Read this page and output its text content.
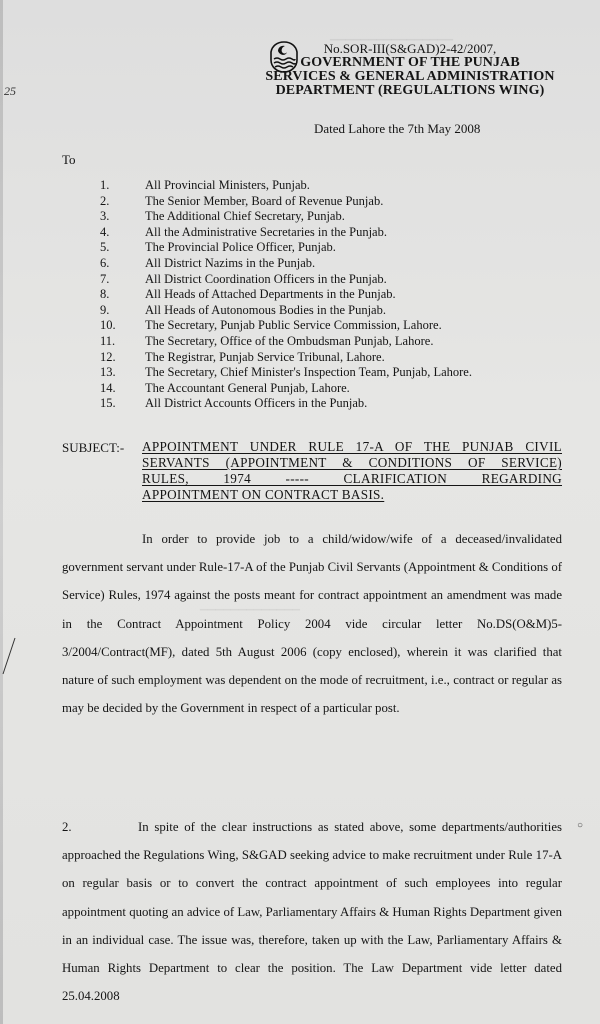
▁▁▁▁▁▁▁▁▁▁▁▁▁▁▁▁
▁▁▁▁▁▁▁▁▁▁▁▁▁
No.SOR-III(S&GAD)2-42/2007,
GOVERNMENT OF THE PUNJAB
SERVICES & GENERAL ADMINISTRATION
DEPARTMENT (REGULALTIONS WING)
25
Dated Lahore the 7th May 2008
To
1.	All Provincial Ministers, Punjab.
2.	The Senior Member, Board of Revenue Punjab.
3.	The Additional Chief Secretary, Punjab.
4.	All the Administrative Secretaries in the Punjab.
5.	The Provincial Police Officer, Punjab.
6.	All District Nazims in the Punjab.
7.	All District Coordination Officers in the Punjab.
8.	All Heads of Attached Departments in the Punjab.
9.	All Heads of Autonomous Bodies in the Punjab.
10.	The Secretary, Punjab Public Service Commission, Lahore.
11.	The Secretary, Office of the Ombudsman Punjab, Lahore.
12.	The Registrar, Punjab Service Tribunal, Lahore.
13.	The Secretary, Chief Minister's Inspection Team, Punjab, Lahore.
14.	The Accountant General Punjab, Lahore.
15.	All District Accounts Officers in the Punjab.
SUBJECT:- APPOINTMENT UNDER RULE 17-A OF THE PUNJAB CIVIL
SERVANTS (APPOINTMENT & CONDITIONS OF SERVICE)
RULES, 1974 ----- CLARIFICATION REGARDING
APPOINTMENT ON CONTRACT BASIS.
In order to provide job to a child/widow/wife of a deceased/invalidated government servant under Rule-17-A of the Punjab Civil Servants (Appointment & Conditions of Service) Rules, 1974 against the posts meant for contract appointment an amendment was made in the Contract Appointment Policy 2004 vide circular letter No.DS(O&M)5-3/2004/Contract(MF), dated 5th August 2006 (copy enclosed), wherein it was clarified that nature of such employment was dependent on the mode of recruitment, i.e., contract or regular as may be decided by the Government in respect of a particular post.
2.	In spite of the clear instructions as stated above, some departments/authorities approached the Regulations Wing, S&GAD seeking advice to make recruitment under Rule 17-A on regular basis or to convert the contract appointment of such employees into regular appointment quoting an advice of Law, Parliamentary Affairs & Human Rights Department given in an individual case. The issue was, therefore, taken up with the Law, Parliamentary Affairs & Human Rights Department to clear the position. The Law Department vide letter dated 25.04.2008
○
